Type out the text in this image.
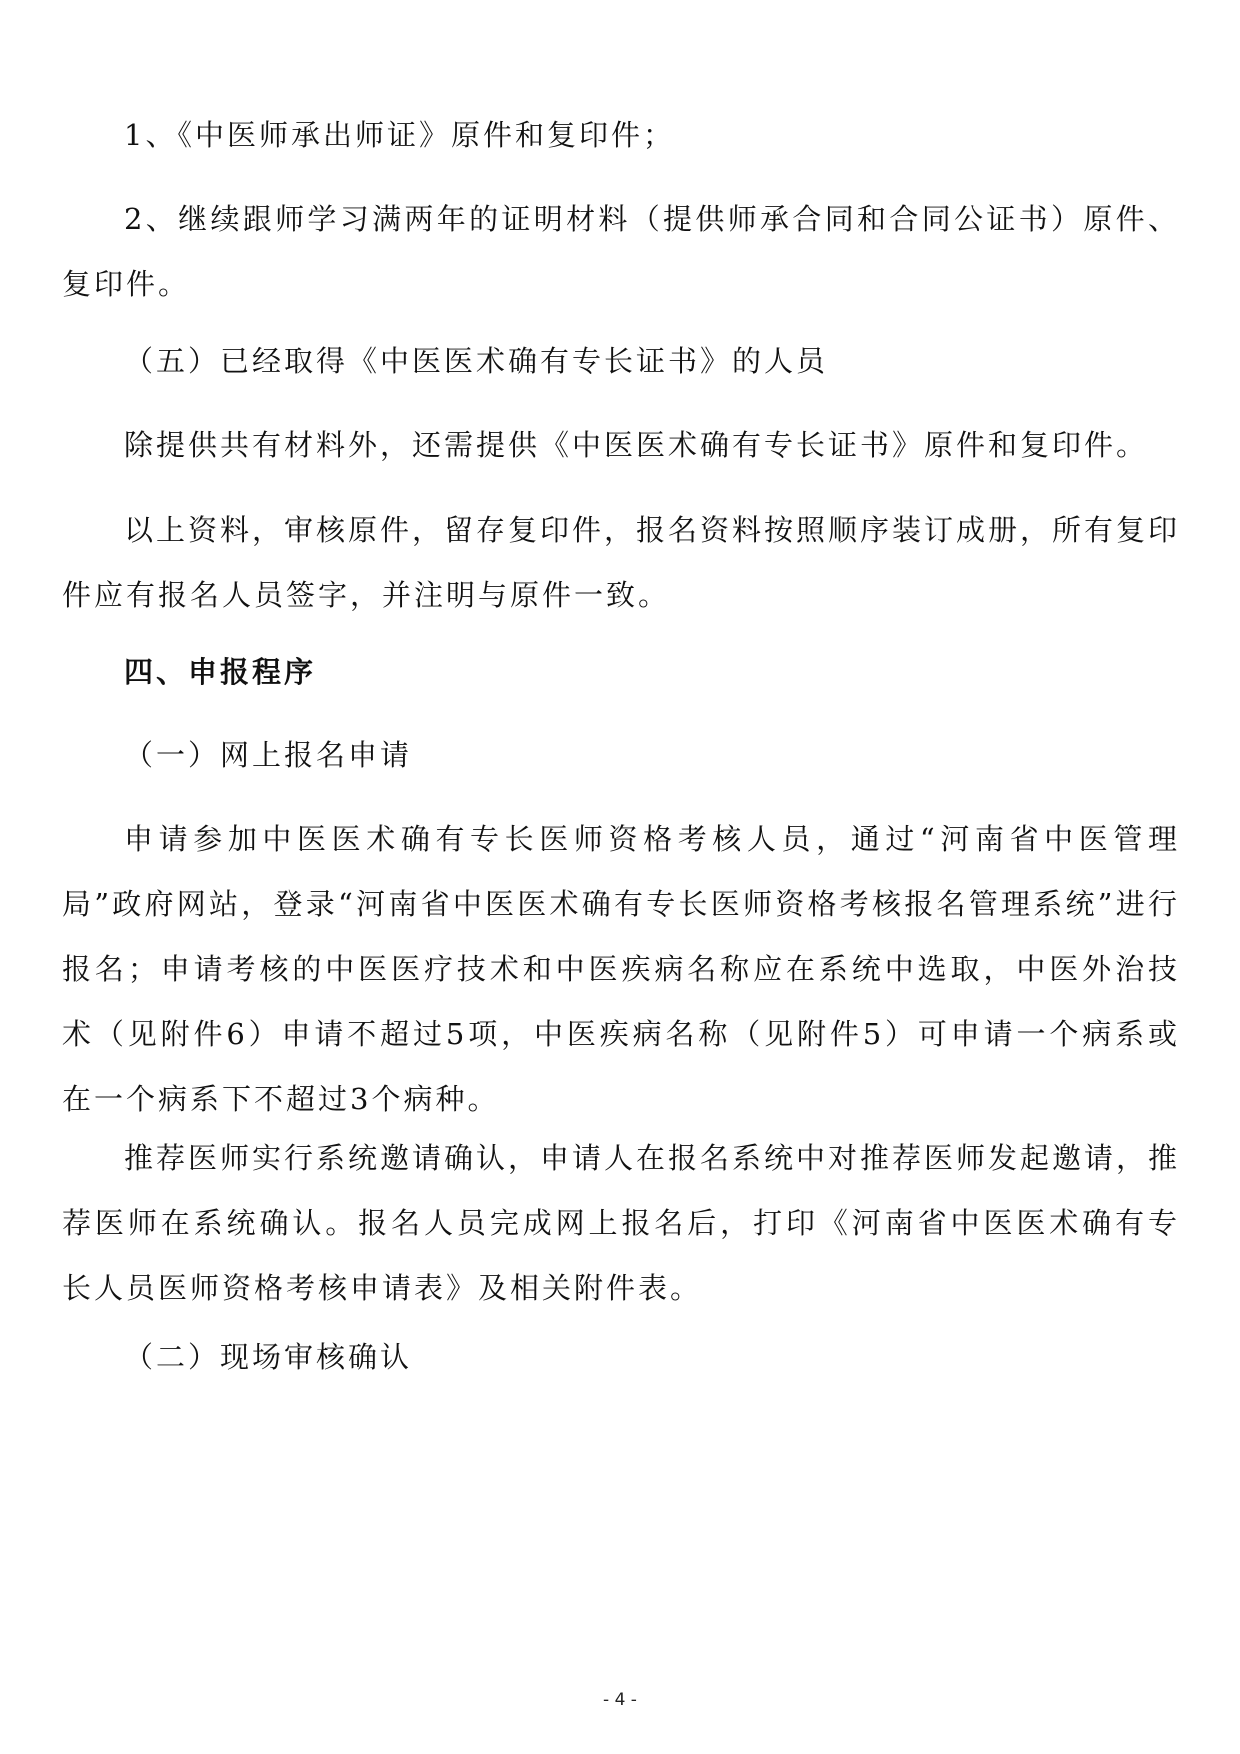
1、《中医师承出师证》原件和复印件；

2、继续跟师学习满两年的证明材料（提供师承合同和合同公证书）原件、复印件。

（五）已经取得《中医医术确有专长证书》的人员

除提供共有材料外，还需提供《中医医术确有专长证书》原件和复印件。

以上资料，审核原件，留存复印件，报名资料按照顺序装订成册，所有复印件应有报名人员签字，并注明与原件一致。

四、申报程序

（一）网上报名申请

申请参加中医医术确有专长医师资格考核人员，通过“河南省中医管理局”政府网站，登录“河南省中医医术确有专长医师资格考核报名管理系统”进行报名；申请考核的中医医疗技术和中医疾病名称应在系统中选取，中医外治技术（见附件6）申请不超过5项，中医疾病名称（见附件5）可申请一个病系或在一个病系下不超过3个病种。

推荐医师实行系统邀请确认，申请人在报名系统中对推荐医师发起邀请，推荐医师在系统确认。报名人员完成网上报名后，打印《河南省中医医术确有专长人员医师资格考核申请表》及相关附件表。

（二）现场审核确认

- 4 -
